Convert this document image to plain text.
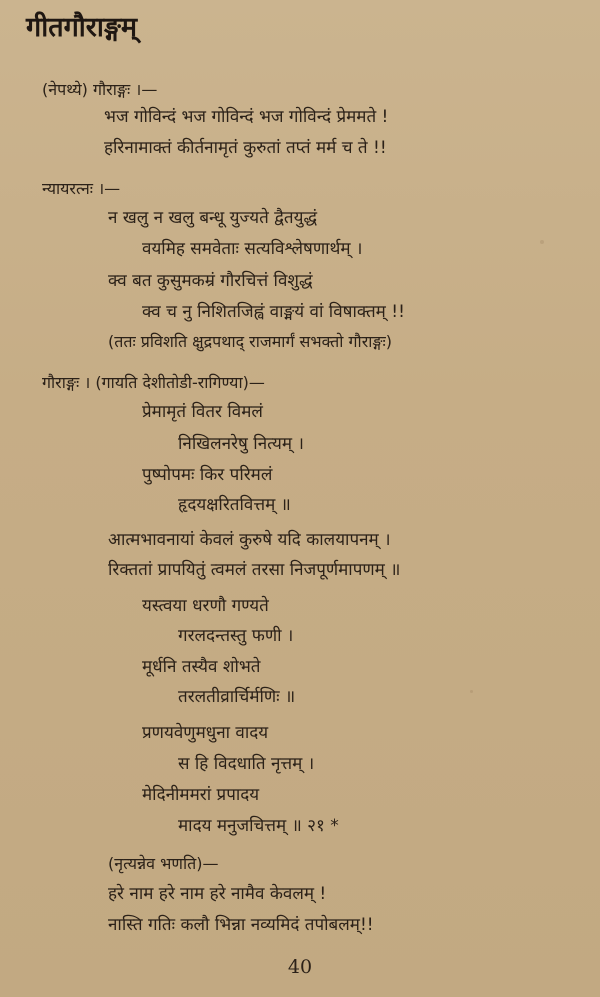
गीतगौराङ्गम्
(नेपथ्ये) गौराङ्गः ।—
भज गोविन्दं भज गोविन्दं भज गोविन्दं प्रेममते !
हरिनामाक्तं कीर्तनामृतं कुरुतां तप्तं मर्म च ते !!
न्यायरत्नः ।—
न खलु न खलु बन्धू युज्यते द्वैतयुद्धं
वयमिह समवेताः सत्यविश्लेषणार्थम् ।
क्व बत कुसुमकम्रं गौरचित्तं विशुद्धं
क्व च नु निशितजिह्वं वाङ्मयं वां विषाक्तम् !!
(ततः प्रविशति क्षुद्रपथाद् राजमार्गं सभक्तो गौराङ्गः)
गौराङ्गः । (गायति देशीतोडी-रागिण्या)—
प्रेमामृतं वितर विमलं
निखिलनरेषु नित्यम् ।
पुष्पोपमः किर परिमलं
हृदयक्षरितवित्तम् ॥
आत्मभावनायां केवलं कुरुषे यदि कालयापनम् ।
रिक्ततां प्रापयितुं त्वमलं तरसा निजपूर्णमापणम् ॥
यस्त्वया धरणौ गण्यते
गरलदन्तस्तु फणी ।
मूर्धनि तस्यैव शोभते
तरलतीव्रार्चिर्मणिः ॥
प्रणयवेणुमधुना वादय
स हि विदधाति नृत्तम् ।
मेदिनीममरां प्रपादय
मादय मनुजचित्तम् ॥ २१ *
(नृत्यन्नेव भणति)—
हरे नाम हरे नाम हरे नामैव केवलम् !
नास्ति गतिः कलौ भिन्ना नव्यमिदं तपोबलम्!!
40
